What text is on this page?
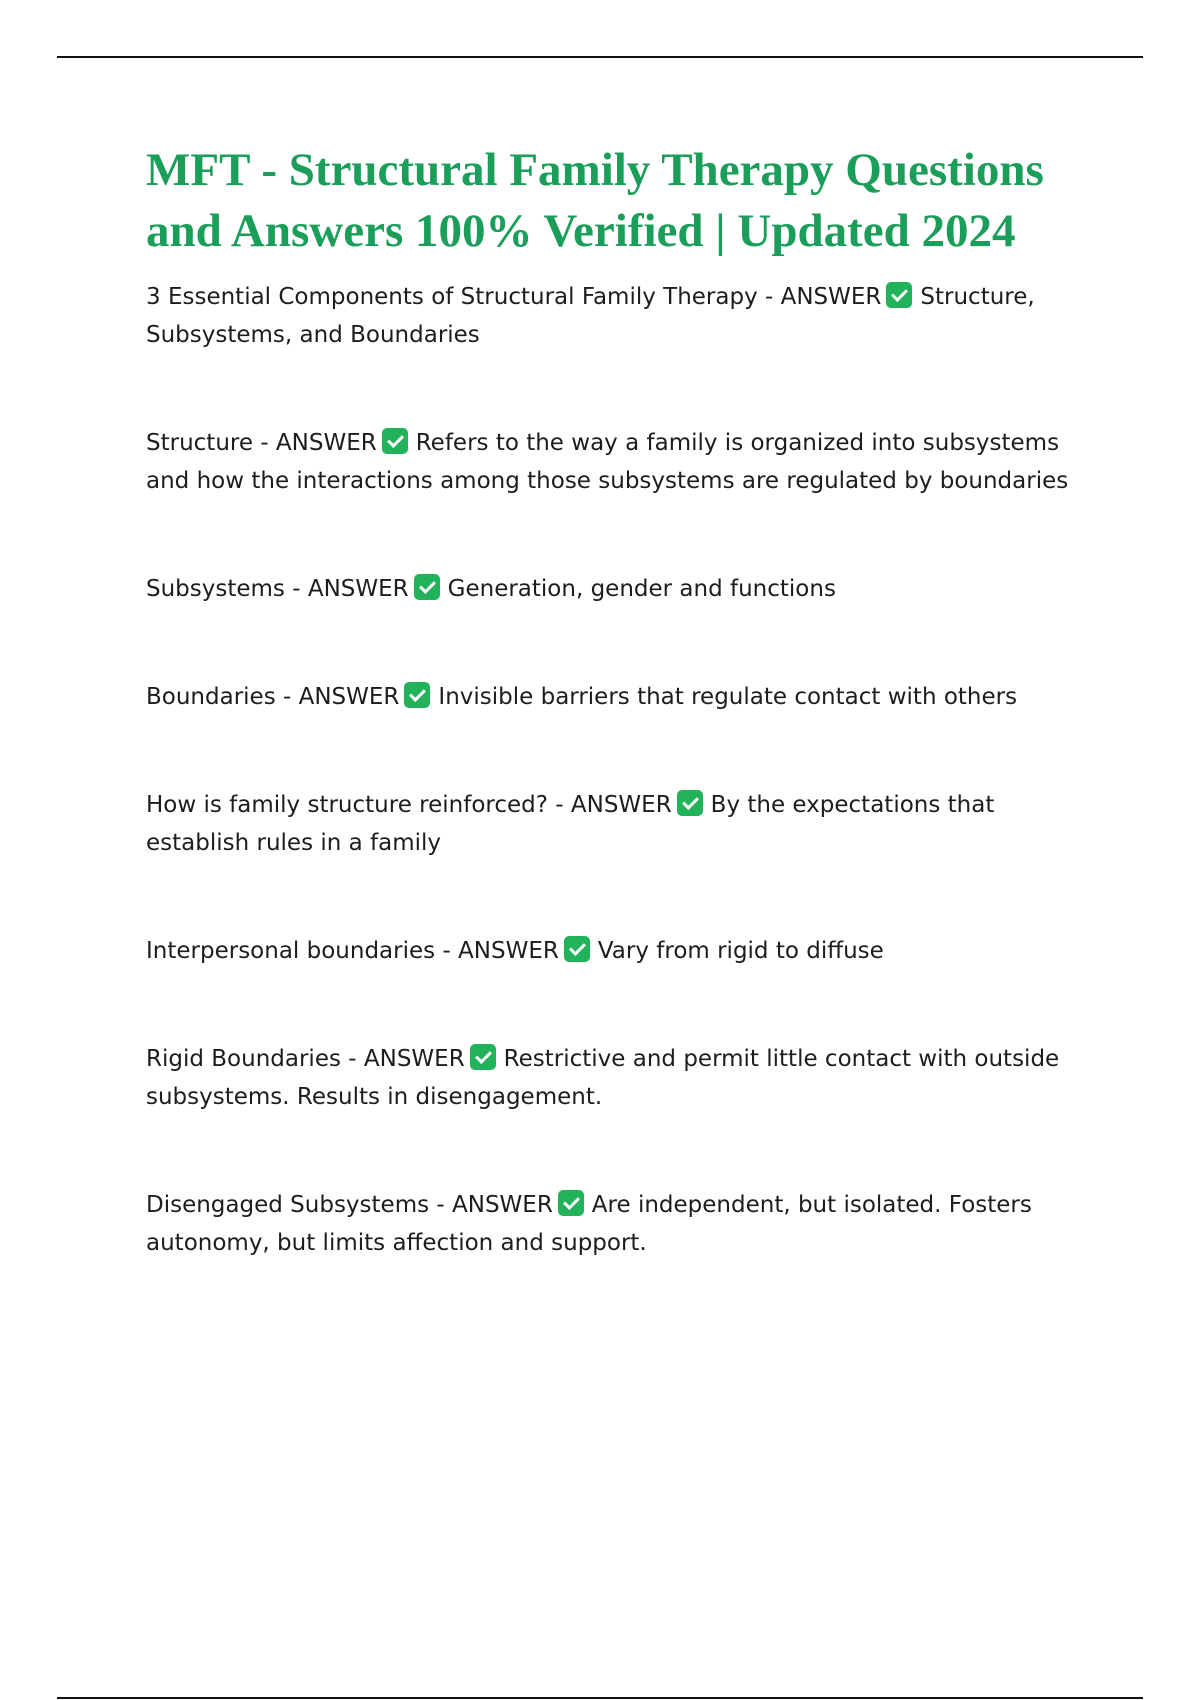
MFT - Structural Family Therapy Questions and Answers 100% Verified | Updated 2024

3 Essential Components of Structural Family Therapy - ANSWER Structure, Subsystems, and Boundaries

Structure - ANSWER Refers to the way a family is organized into subsystems and how the interactions among those subsystems are regulated by boundaries

Subsystems - ANSWER Generation, gender and functions

Boundaries - ANSWER Invisible barriers that regulate contact with others

How is family structure reinforced? - ANSWER By the expectations that establish rules in a family

Interpersonal boundaries - ANSWER Vary from rigid to diffuse

Rigid Boundaries - ANSWER Restrictive and permit little contact with outside subsystems. Results in disengagement.

Disengaged Subsystems - ANSWER Are independent, but isolated. Fosters autonomy, but limits affection and support.
